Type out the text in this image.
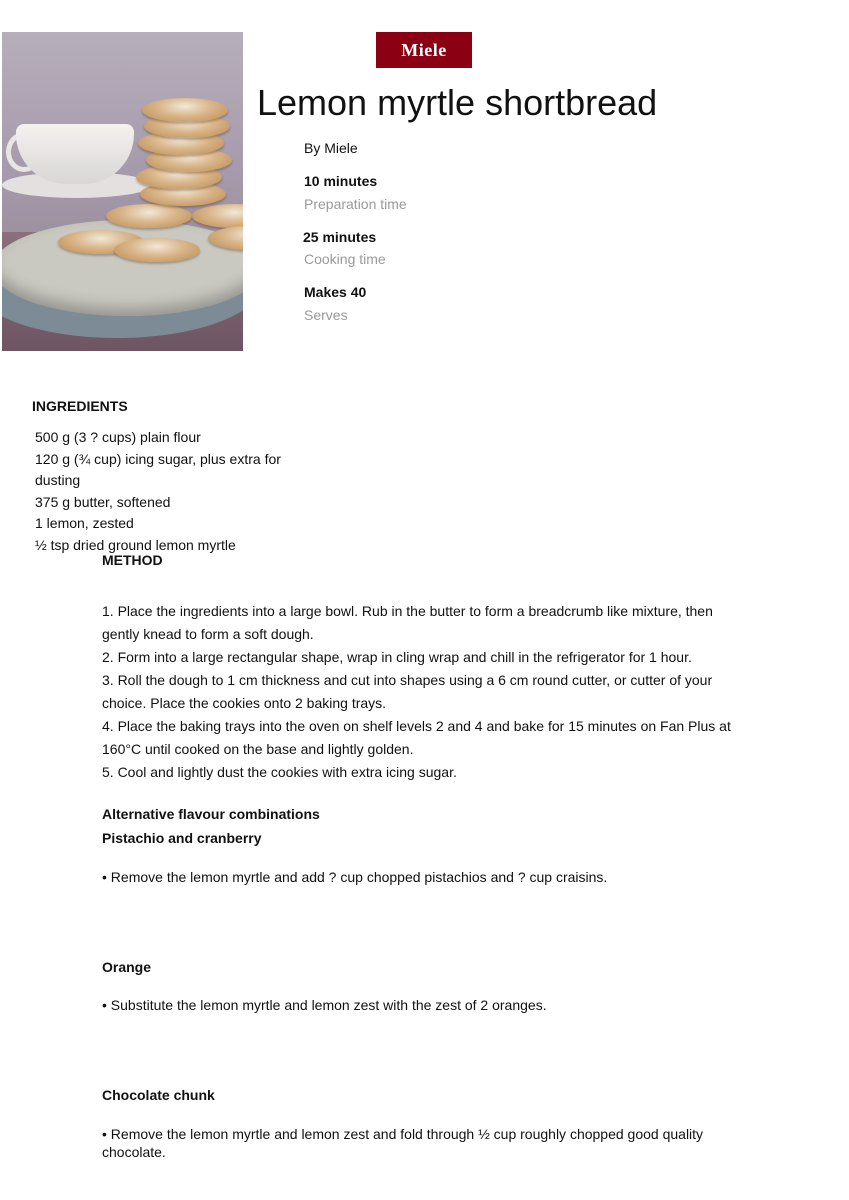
Miele
Lemon myrtle shortbread
By Miele
10 minutes
Preparation time
25 minutes
Cooking time
Makes 40
Serves
INGREDIENTS
500 g (3 ? cups) plain flour
120 g (¾ cup) icing sugar, plus extra for dusting
375 g butter, softened
1 lemon, zested
½ tsp dried ground lemon myrtle
METHOD
1. Place the ingredients into a large bowl. Rub in the butter to form a breadcrumb like mixture, then gently knead to form a soft dough.
2. Form into a large rectangular shape, wrap in cling wrap and chill in the refrigerator for 1 hour.
3. Roll the dough to 1 cm thickness and cut into shapes using a 6 cm round cutter, or cutter of your choice. Place the cookies onto 2 baking trays.
4. Place the baking trays into the oven on shelf levels 2 and 4 and bake for 15 minutes on Fan Plus at 160°C until cooked on the base and lightly golden.
5. Cool and lightly dust the cookies with extra icing sugar.
Alternative flavour combinations
Pistachio and cranberry
• Remove the lemon myrtle and add ? cup chopped pistachios and ? cup craisins.
Orange
• Substitute the lemon myrtle and lemon zest with the zest of 2 oranges.
Chocolate chunk
• Remove the lemon myrtle and lemon zest and fold through ½ cup roughly chopped good quality chocolate.
